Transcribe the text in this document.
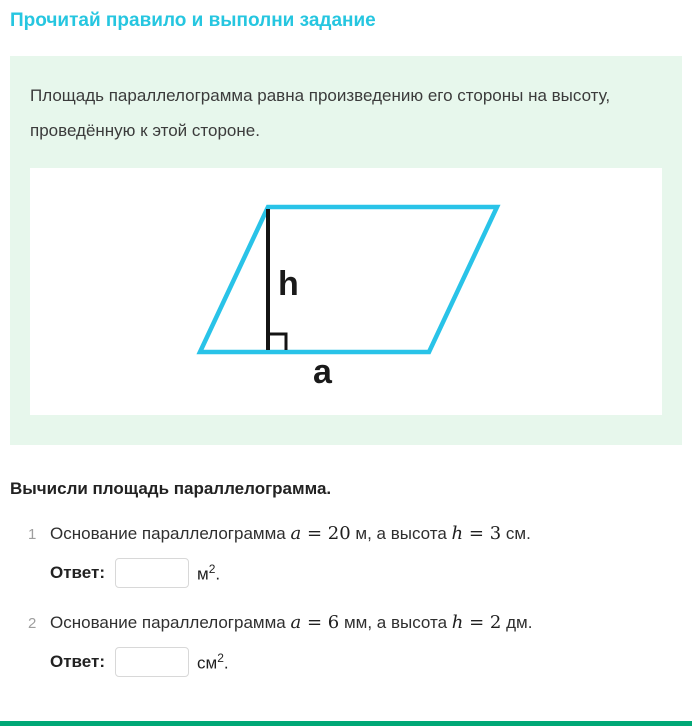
Прочитай правило и выполни задание

Площадь параллелограмма равна произведению его стороны на высоту, проведённую к этой стороне.

h
a
Вычисли площадь параллелограмма.
1 Основание параллелограмма a = 20 м, а высота h = 3 см.
Ответ:	$м^2$.
2 Основание параллелограмма a = 6 мм, а высота h = 2 дм.
Ответ:	$см^2$.
